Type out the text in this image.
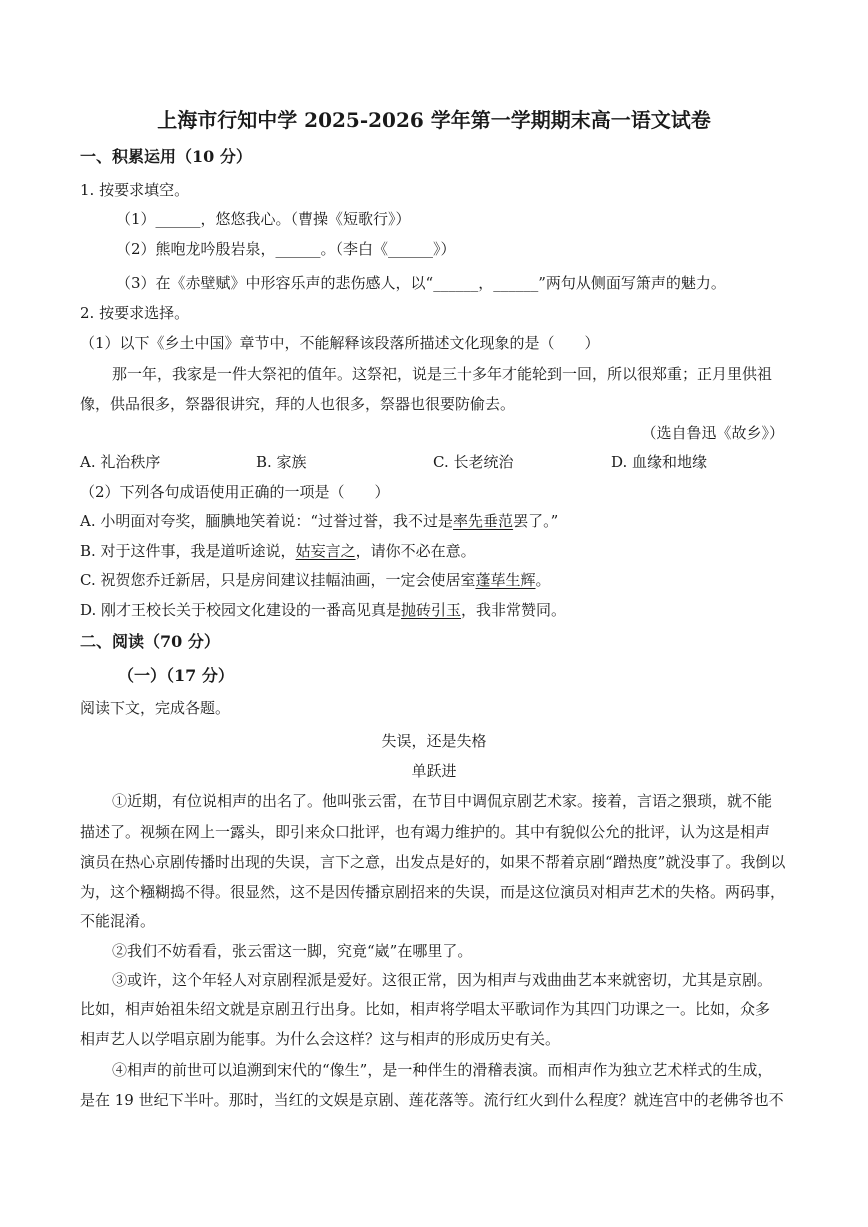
上海市行知中学 2025-2026 学年第一学期期末高一语文试卷
一、积累运用（10 分）
1. 按要求填空。
（1）______，悠悠我心。（曹操《短歌行》）
（2）熊咆龙吟殷岩泉，______。（李白《______》）
（3）在《赤壁赋》中形容乐声的悲伤感人，以“______，______”两句从侧面写箫声的魅力。
2. 按要求选择。
（1）以下《乡土中国》章节中，不能解释该段落所描述文化现象的是（　　）
那一年，我家是一件大祭祀的值年。这祭祀，说是三十多年才能轮到一回，所以很郑重；正月里供祖
像，供品很多，祭器很讲究，拜的人也很多，祭器也很要防偷去。
（选自鲁迅《故乡》）
A. 礼治秩序	B. 家族	C. 长老统治	D. 血缘和地缘
（2）下列各句成语使用正确的一项是（　　）
A. 小明面对夸奖，腼腆地笑着说：“过誉过誉，我不过是率先垂范罢了。”
B. 对于这件事，我是道听途说，姑妄言之，请你不必在意。
C. 祝贺您乔迁新居，只是房间建议挂幅油画，一定会使居室蓬荜生辉。
D. 刚才王校长关于校园文化建设的一番高见真是抛砖引玉，我非常赞同。
二、阅读（70 分）
（一）（17 分）
阅读下文，完成各题。
失误，还是失格
单跃进
①近期，有位说相声的出名了。他叫张云雷，在节目中调侃京剧艺术家。接着，言语之猥琐，就不能
描述了。视频在网上一露头，即引来众口批评，也有竭力维护的。其中有貌似公允的批评，认为这是相声
演员在热心京剧传播时出现的失误，言下之意，出发点是好的，如果不帮着京剧“蹭热度”就没事了。我倒以
为，这个糨糊捣不得。很显然，这不是因传播京剧招来的失误，而是这位演员对相声艺术的失格。两码事，
不能混淆。
②我们不妨看看，张云雷这一脚，究竟“崴”在哪里了。
③或许，这个年轻人对京剧程派是爱好。这很正常，因为相声与戏曲曲艺本来就密切，尤其是京剧。
比如，相声始祖朱绍文就是京剧丑行出身。比如，相声将学唱太平歌词作为其四门功课之一。比如，众多
相声艺人以学唱京剧为能事。为什么会这样？这与相声的形成历史有关。
④相声的前世可以追溯到宋代的“像生”，是一种伴生的滑稽表演。而相声作为独立艺术样式的生成，
是在 19 世纪下半叶。那时，当红的文娱是京剧、莲花落等。流行红火到什么程度？就连宫中的老佛爷也不
